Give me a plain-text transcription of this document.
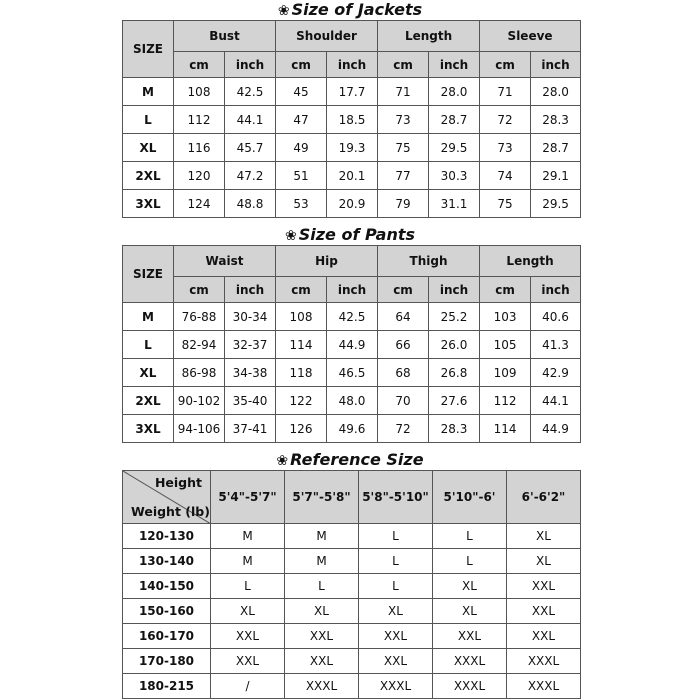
❀ Size of Jackets
SIZE	Bust		Shoulder		Length		Sleeve	
	cm	inch	cm	inch	cm	inch	cm	inch
M	108	42.5	45	17.7	71	28.0	71	28.0
L	112	44.1	47	18.5	73	28.7	72	28.3
XL	116	45.7	49	19.3	75	29.5	73	28.7
2XL	120	47.2	51	20.1	77	30.3	74	29.1
3XL	124	48.8	53	20.9	79	31.1	75	29.5
❀ Size of Pants
SIZE	Waist		Hip		Thigh		Length	
	cm	inch	cm	inch	cm	inch	cm	inch
M	76-88	30-34	108	42.5	64	25.2	103	40.6
L	82-94	32-37	114	44.9	66	26.0	105	41.3
XL	86-98	34-38	118	46.5	68	26.8	109	42.9
2XL	90-102	35-40	122	48.0	70	27.6	112	44.1
3XL	94-106	37-41	126	49.6	72	28.3	114	44.9
❀ Reference Size
Height
Weight (lb)	5'4"-5'7"	5'7"-5'8"	5'8"-5'10"	5'10"-6'	6'-6'2"
120-130	M	M	L	L	XL
130-140	M	M	L	L	XL
140-150	L	L	L	XL	XXL
150-160	XL	XL	XL	XL	XXL
160-170	XXL	XXL	XXL	XXL	XXL
170-180	XXL	XXL	XXL	XXXL	XXXL
180-215	/	XXXL	XXXL	XXXL	XXXL
